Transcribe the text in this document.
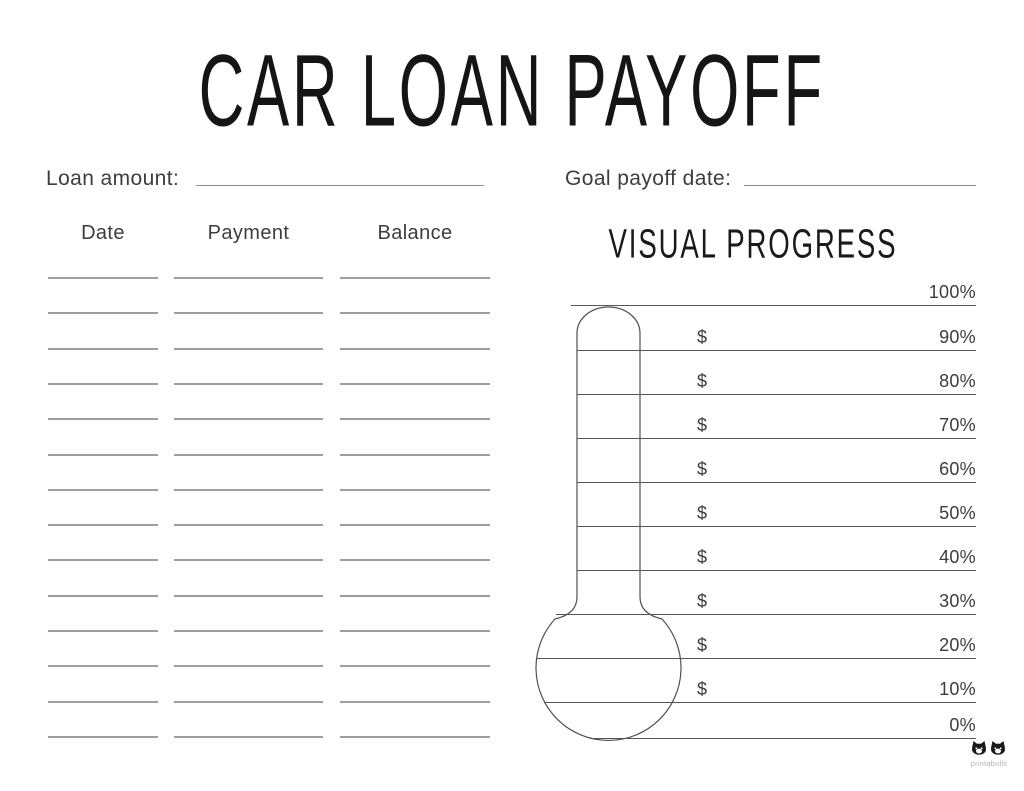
CAR LOAN PAYOFF
Loan amount:	Goal payoff date:
Date	Payment	Balance	VISUAL PROGRESS
100%
$	90%
$	80%
$	70%
$	60%
$	50%
$	40%
$	30%
$	20%
$	10%
0%
printabulls
